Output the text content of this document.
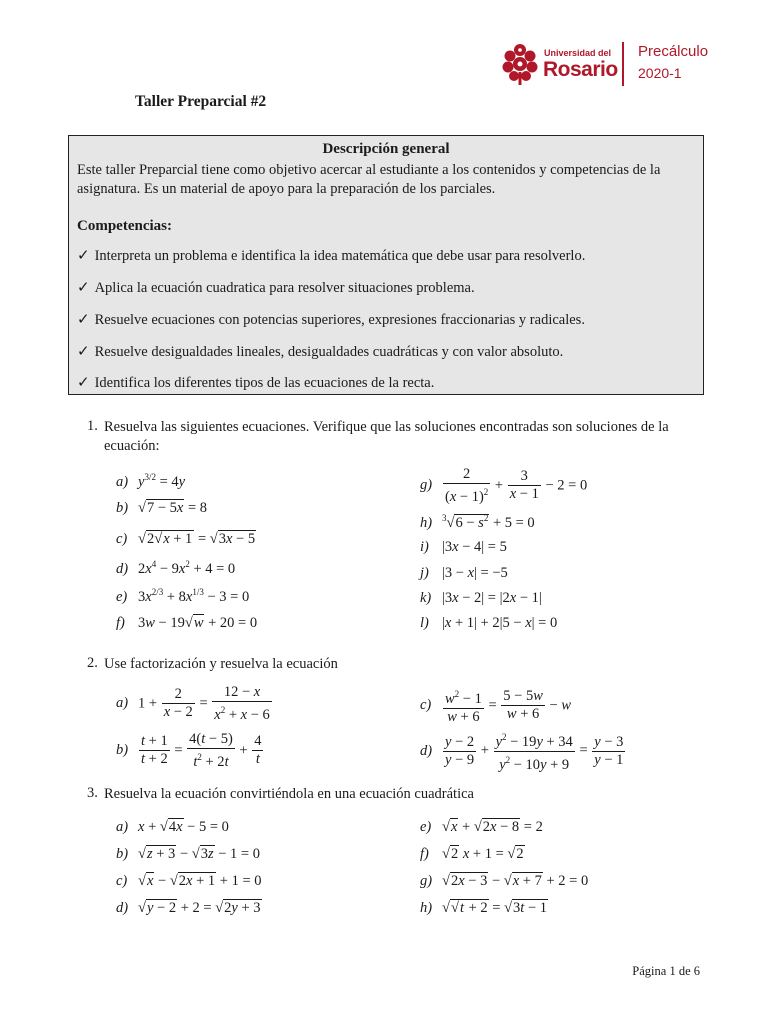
Universidad del
Rosario
Precálculo
2020-1
Taller Preparcial #2
Descripción general
Este taller Preparcial tiene como objetivo acercar al estudiante a los contenidos y competencias de la asignatura. Es un material de apoyo para la preparación de los parciales.
Competencias:
✓ Interpreta un problema e identifica la idea matemática que debe usar para resolverlo.
✓ Aplica la ecuación cuadratica para resolver situaciones problema.
✓ Resuelve ecuaciones con potencias superiores, expresiones fraccionarias y radicales.
✓ Resuelve desigualdades lineales, desigualdades cuadráticas y con valor absoluto.
✓ Identifica los diferentes tipos de las ecuaciones de la recta.
1. Resuelva las siguientes ecuaciones. Verifique que las soluciones encontradas son soluciones de la ecuación:
a) $y^{3/2} = 4y$
b) √7 − 5x = 8
c) √2√x + 1 = √3x − 5
d) $2x^4 - 9x^2 + 4 = 0$
e) $3x^{2/3} + 8x^{1/3} - 3 = 0$
f) 3w − 19√w + 20 = 0
$g) \frac{2}{(x - 1)^2} + \frac{3}{x - 1} - 2 = 0$
h) $^3√6 - s^2 + 5 = 0$
i) |3x − 4| = 5
j) |3 − x| = −5
k) |3x − 2| = |2x − 1|
l) |x + 1| + 2|5 − x| = 0
2. Use factorización y resuelva la ecuación
a) $1 + \frac{2}{x - 2} = \frac{12 - x}{x^2 + x - 6}$
$b) \frac{t + 1}{t + 2} = \frac{4(t - 5)}{t^2 + 2t} + \frac{4}{t}$
$c) \frac{w^2 - 1}{w + 6} = \frac{5 - 5w}{w + 6} - w$
$d) \frac{y - 2}{y - 9} + \frac{y^2 - 19y + 34}{y^2 - 10y + 9} = \frac{y - 3}{y - 1}$
3. Resuelva la ecuación convirtiéndola en una ecuación cuadrática
a) x + √4x − 5 = 0
b) √z + 3 − √3z − 1 = 0
c) √x − √2x + 1 + 1 = 0
d) √y − 2 + 2 = √2y + 3
e) √x + √2x − 8 = 2
f) √2 x + 1 = √2
g) √2x − 3 − √x + 7 + 2 = 0
h) √√t + 2 = √3t − 1
Página 1 de 6
